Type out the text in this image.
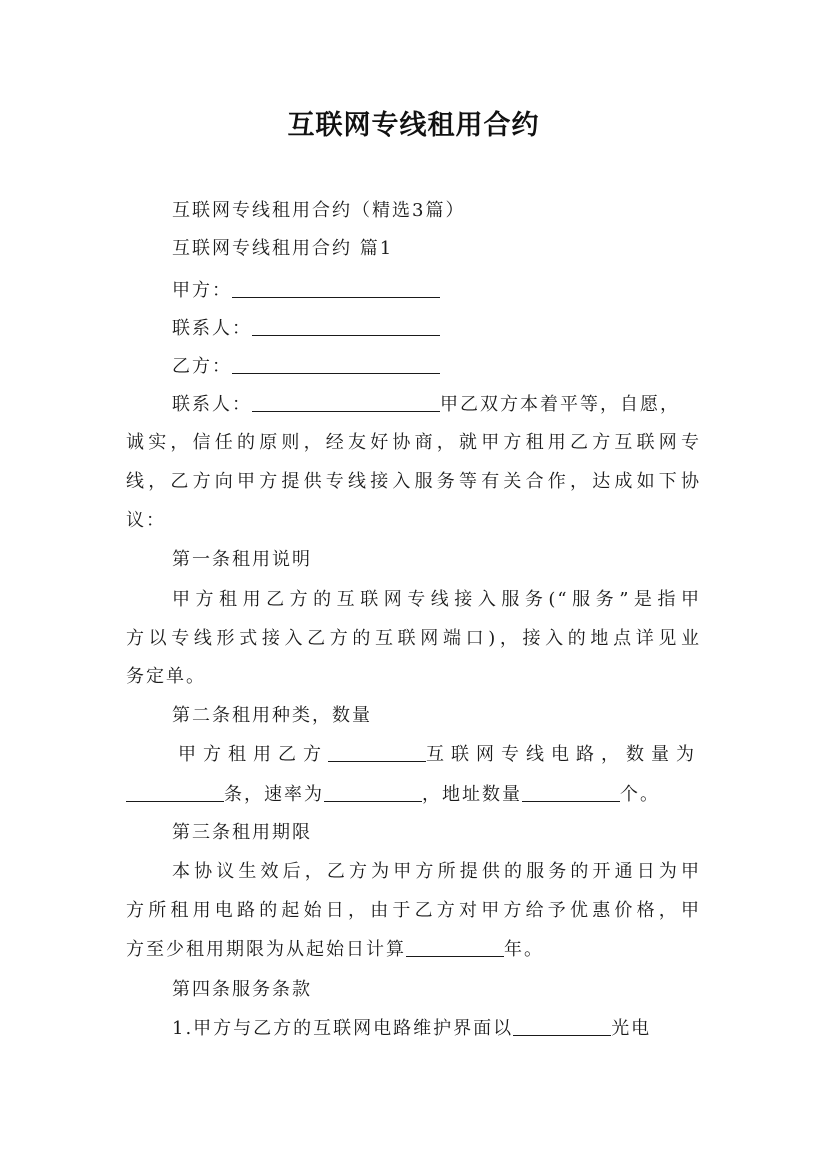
互联网专线租用合约
互联网专线租用合约（精选3篇）
互联网专线租用合约 篇1
甲方：
联系人：
乙方：
联系人：	甲乙双方本着平等，自愿，
诚实，信任的原则，经友好协商，就甲方租用乙方互联网专
线，乙方向甲方提供专线接入服务等有关合作，达成如下协
议：
第一条租用说明
甲方租用乙方的互联网专线接入服务(“服务”是指甲
方以专线形式接入乙方的互联网端口)，接入的地点详见业
务定单。
第二条租用种类，数量
甲方租用乙方	互联网专线电路，数量为
条，速率为	，地址数量	个。
第三条租用期限
本协议生效后，乙方为甲方所提供的服务的开通日为甲
方所租用电路的起始日，由于乙方对甲方给予优惠价格，甲
方至少租用期限为从起始日计算	年。
第四条服务条款
1.甲方与乙方的互联网电路维护界面以	光电
